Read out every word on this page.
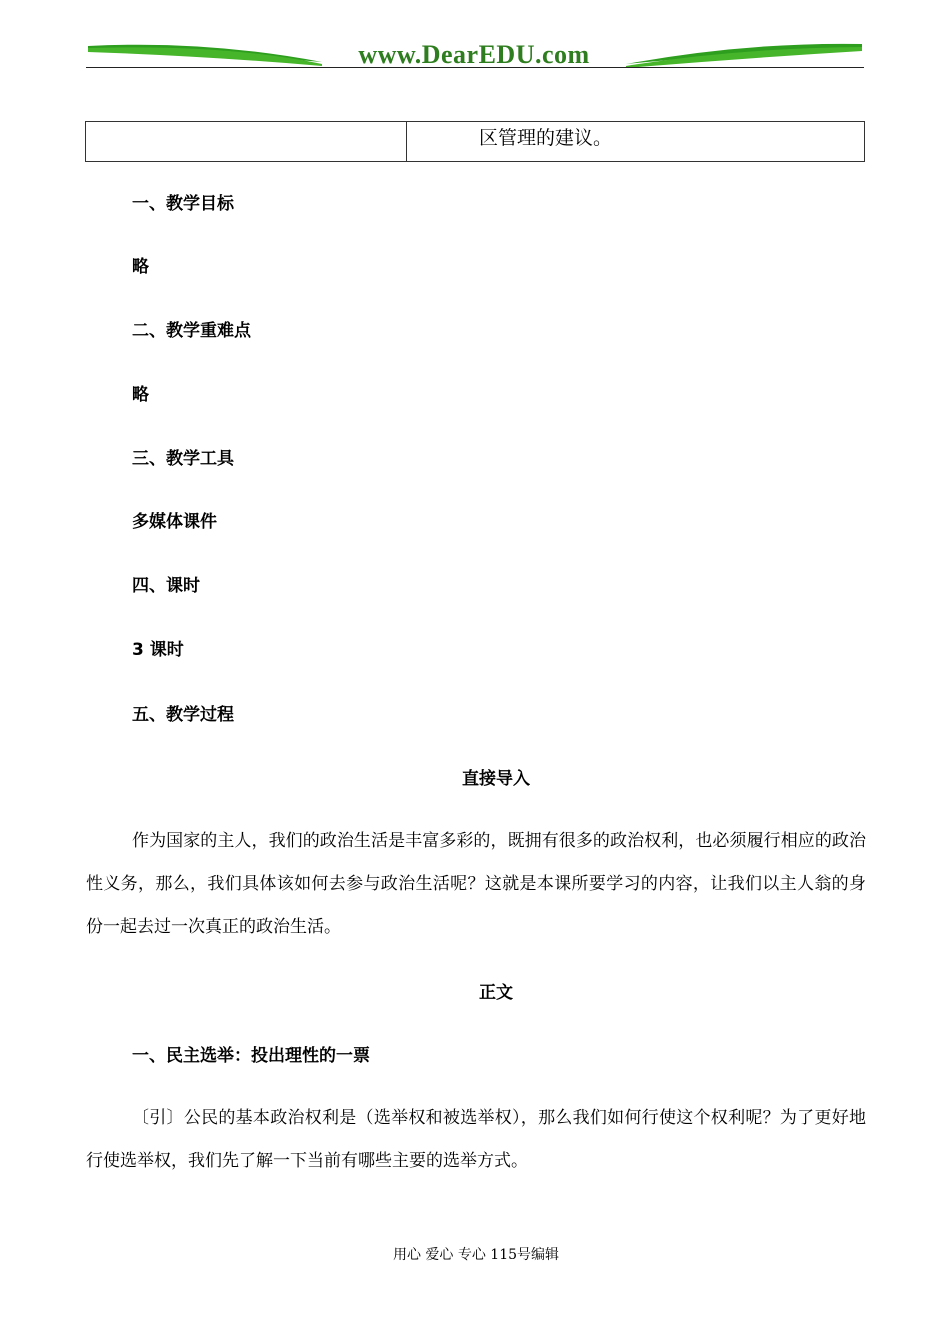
www.DearEDU.com
	区管理的建议。
一、教学目标
略
二、教学重难点
略
三、教学工具
多媒体课件
四、课时
3 课时
五、教学过程
直接导入
作为国家的主人，我们的政治生活是丰富多彩的，既拥有很多的政治权利，也必须履行相应的政治性义务，那么，我们具体该如何去参与政治生活呢？这就是本课所要学习的内容，让我们以主人翁的身份一起去过一次真正的政治生活。
正文
一、民主选举：投出理性的一票
〔引〕公民的基本政治权利是（选举权和被选举权），那么我们如何行使这个权利呢？为了更好地行使选举权，我们先了解一下当前有哪些主要的选举方式。
用心 爱心 专心 115号编辑
